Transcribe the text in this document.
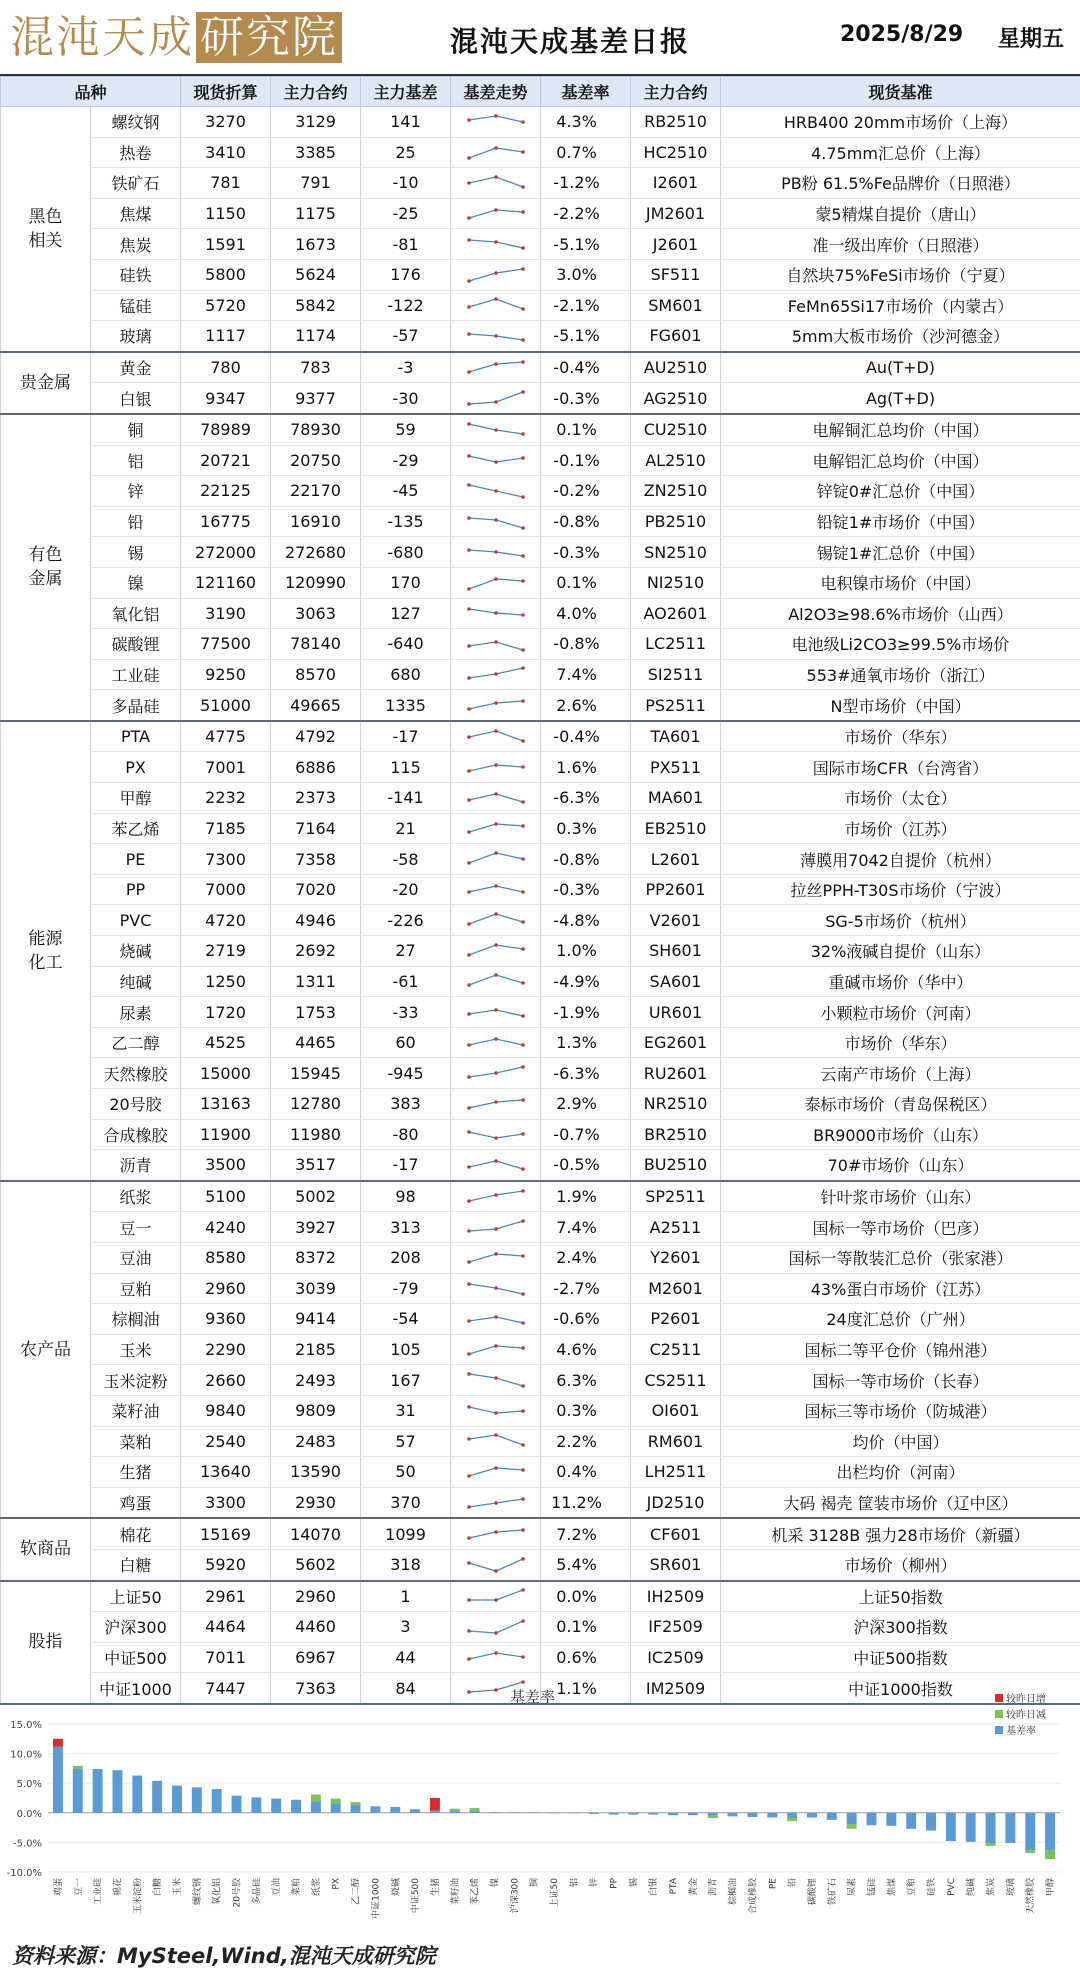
混沌天成 研究院	混沌天成基差日报	2025/8/29 星期五
品种		现货折算	主力合约	主力基差	基差走势	基差率	主力合约	现货基准
黑色
相关	螺纹钢	3270	3129	141		4.3%	RB2510	HRB400 20mm市场价（上海）
	热卷	3410	3385	25		0.7%	HC2510	4.75mm汇总价（上海）
	铁矿石	781	791	-10		-1.2%	I2601	PB粉 61.5%Fe品牌价（日照港）
	焦煤	1150	1175	-25		-2.2%	JM2601	蒙5精煤自提价（唐山）
	焦炭	1591	1673	-81		-5.1%	J2601	准一级出库价（日照港）
	硅铁	5800	5624	176		3.0%	SF511	自然块75%FeSi市场价（宁夏）
	锰硅	5720	5842	-122		-2.1%	SM601	FeMn65Si17市场价（内蒙古）
	玻璃	1117	1174	-57		-5.1%	FG601	5mm大板市场价（沙河德金）
贵金属	黄金	780	783	-3		-0.4%	AU2510	Au(T+D)
	白银	9347	9377	-30		-0.3%	AG2510	Ag(T+D)
有色
金属	铜	78989	78930	59		0.1%	CU2510	电解铜汇总均价（中国）
	铝	20721	20750	-29		-0.1%	AL2510	电解铝汇总均价（中国）
	锌	22125	22170	-45		-0.2%	ZN2510	锌锭0#汇总价（中国）
	铅	16775	16910	-135		-0.8%	PB2510	铅锭1#市场价（中国）
	锡	272000	272680	-680		-0.3%	SN2510	锡锭1#汇总价（中国）
	镍	121160	120990	170		0.1%	NI2510	电积镍市场价（中国）
	氧化铝	3190	3063	127		4.0%	AO2601	Al2O3≥98.6%市场价（山西）
	碳酸锂	77500	78140	-640		-0.8%	LC2511	电池级Li2CO3≥99.5%市场价
	工业硅	9250	8570	680		7.4%	SI2511	553#通氧市场价（浙江）
	多晶硅	51000	49665	1335		2.6%	PS2511	N型市场价（中国）
能源
化工	PTA	4775	4792	-17		-0.4%	TA601	市场价（华东）
	PX	7001	6886	115		1.6%	PX511	国际市场CFR（台湾省）
	甲醇	2232	2373	-141		-6.3%	MA601	市场价（太仓）
	苯乙烯	7185	7164	21		0.3%	EB2510	市场价（江苏）
	PE	7300	7358	-58		-0.8%	L2601	薄膜用7042自提价（杭州）
	PP	7000	7020	-20		-0.3%	PP2601	拉丝PPH-T30S市场价（宁波）
	PVC	4720	4946	-226		-4.8%	V2601	SG-5市场价（杭州）
	烧碱	2719	2692	27		1.0%	SH601	32%液碱自提价（山东）
	纯碱	1250	1311	-61		-4.9%	SA601	重碱市场价（华中）
	尿素	1720	1753	-33		-1.9%	UR601	小颗粒市场价（河南）
	乙二醇	4525	4465	60		1.3%	EG2601	市场价（华东）
	天然橡胶	15000	15945	-945		-6.3%	RU2601	云南产市场价（上海）
	20号胶	13163	12780	383		2.9%	NR2510	泰标市场价（青岛保税区）
	合成橡胶	11900	11980	-80		-0.7%	BR2510	BR9000市场价（山东）
	沥青	3500	3517	-17		-0.5%	BU2510	70#市场价（山东）
农产品	纸浆	5100	5002	98		1.9%	SP2511	针叶浆市场价（山东）
	豆一	4240	3927	313		7.4%	A2511	国标一等市场价（巴彦）
	豆油	8580	8372	208		2.4%	Y2601	国标一等散装汇总价（张家港）
	豆粕	2960	3039	-79		-2.7%	M2601	43%蛋白市场价（江苏）
	棕榈油	9360	9414	-54		-0.6%	P2601	24度汇总价（广州）
	玉米	2290	2185	105		4.6%	C2511	国标二等平仓价（锦州港）
	玉米淀粉	2660	2493	167		6.3%	CS2511	国标一等市场价（长春）
	菜籽油	9840	9809	31		0.3%	OI601	国标三等市场价（防城港）
	菜粕	2540	2483	57		2.2%	RM601	均价（中国）
	生猪	13640	13590	50		0.4%	LH2511	出栏均价（河南）
	鸡蛋	3300	2930	370		11.2%	JD2510	大码 褐壳 筐装市场价（辽中区）
软商品	棉花	15169	14070	1099		7.2%	CF601	机采 3128B 强力28市场价（新疆）
	白糖	5920	5602	318		5.4%	SR601	市场价（柳州）
股指	上证50	2961	2960	1		0.0%	IH2509	上证50指数
	沪深300	4464	4460	3		0.1%	IF2509	沪深300指数
	中证500	7011	6967	44		0.6%	IC2509	中证500指数
	中证1000	7447	7363	84		1.1%	IM2509	中证1000指数
基差率	较昨日增
较昨日减
基差率
15.0%
10.0%
5.0%
0.0%
-5.0%
-10.0%
鸡蛋 豆一 工业硅 棉花 玉米淀粉 白糖 玉米 螺纹钢 氧化铝 20号胶 多晶硅 豆油 菜粕 纸浆 PX 乙二醇 中证1000 烧碱 中证500 生猪 菜籽油 苯乙烯 镍 沪深300 铜 上证50 铝 锌 PP 锡 白银 PTA 黄金 沥青 棕榈油 合成橡胶 PE 铅 碳酸锂 铁矿石 尿素 锰硅 焦煤 豆粕 硅铁 PVC 纯碱 焦炭 玻璃 天然橡胶 甲醇
资料来源：MySteel,Wind,混沌天成研究院
